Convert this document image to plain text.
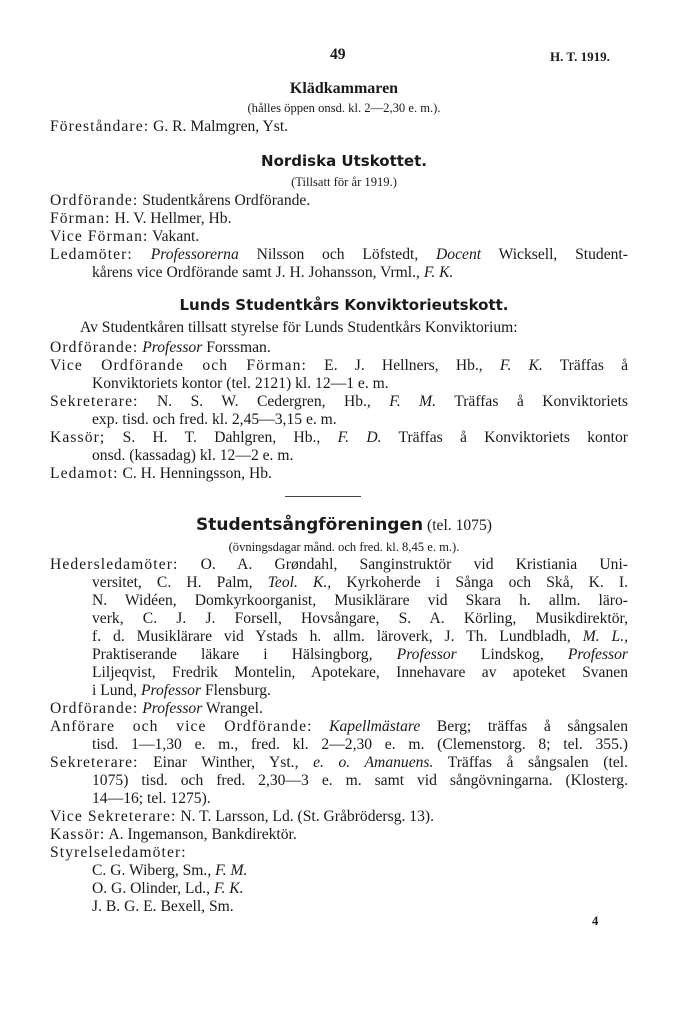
49	H. T. 1919.
Klädkammaren
(hålles öppen onsd. kl. 2—2,30 e. m.).
Föreståndare: G. R. Malmgren, Yst.
Nordiska Utskottet.
(Tillsatt för år 1919.)
Ordförande: Studentkårens Ordförande.
Förman: H. V. Hellmer, Hb.
Vice Förman: Vakant.
Ledamöter: Professorerna Nilsson och Löfstedt, Docent Wicksell, Student-
kårens vice Ordförande samt J. H. Johansson, Vrml., F. K.
Lunds Studentkårs Konviktorieutskott.
Av Studentkåren tillsatt styrelse för Lunds Studentkårs Konviktorium:
Ordförande: Professor Forssman.
Vice Ordförande och Förman: E. J. Hellners, Hb., F. K. Träffas å
Konviktoriets kontor (tel. 2121) kl. 12—1 e. m.
Sekreterare: N. S. W. Cedergren, Hb., F. M. Träffas å Konviktoriets
exp. tisd. och fred. kl. 2,45—3,15 e. m.
Kassör; S. H. T. Dahlgren, Hb., F. D. Träffas å Konviktoriets kontor
onsd. (kassadag) kl. 12—2 e. m.
Ledamot: C. H. Henningsson, Hb.
Studentsångföreningen (tel. 1075)
(övningsdagar månd. och fred. kl. 8,45 e. m.).
Hedersledamöter: O. A. Grøndahl, Sanginstruktör vid Kristiania Uni-
versitet, C. H. Palm, Teol. K., Kyrkoherde i Sånga och Skå, K. I.
N. Widéen, Domkyrkoorganist, Musiklärare vid Skara h. allm. läro-
verk, C. J. J. Forsell, Hovsångare, S. A. Körling, Musikdirektör,
f. d. Musiklärare vid Ystads h. allm. läroverk, J. Th. Lundbladh, M. L.,
Praktiserande läkare i Hälsingborg, Professor Lindskog, Professor
Liljeqvist, Fredrik Montelin, Apotekare, Innehavare av apoteket Svanen
i Lund, Professor Flensburg.
Ordförande: Professor Wrangel.
Anförare och vice Ordförande: Kapellmästare Berg; träffas å sångsalen
tisd. 1—1,30 e. m., fred. kl. 2—2,30 e. m. (Clemenstorg. 8; tel. 355.)
Sekreterare: Einar Winther, Yst., e. o. Amanuens. Träffas å sångsalen (tel.
1075) tisd. och fred. 2,30—3 e. m. samt vid sångövningarna. (Klosterg.
14—16; tel. 1275).
Vice Sekreterare: N. T. Larsson, Ld. (St. Gråbrödersg. 13).
Kassör: A. Ingemanson, Bankdirektör.
Styrelseledamöter:
C. G. Wiberg, Sm., F. M.
O. G. Olinder, Ld., F. K.
J. B. G. E. Bexell, Sm.
4
